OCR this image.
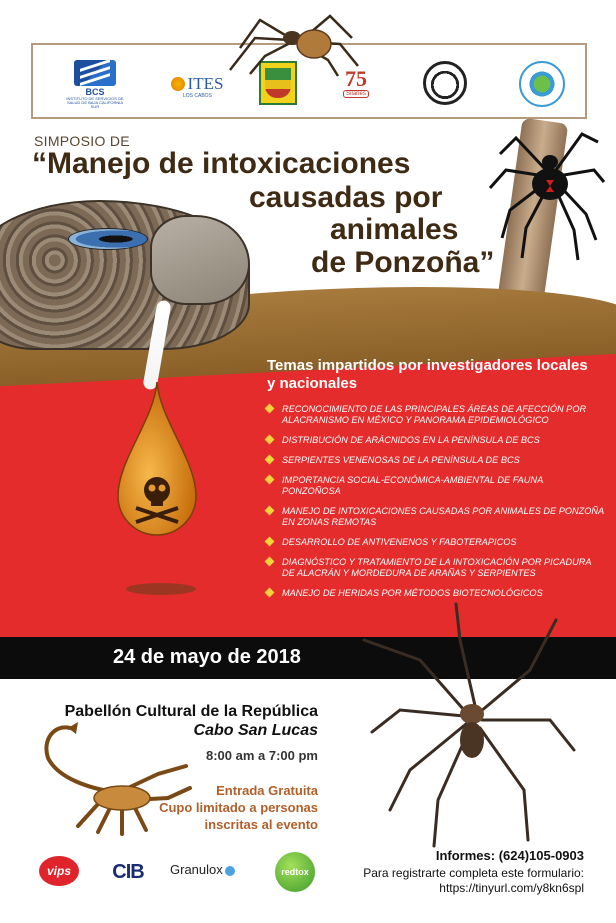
BCS
INSTITUTO DE SERVICIOS DE SALUD DE BAJA CALIFORNIA SUR
ITES
LOS CABOS
75
Silanes
SIMPOSIO DE
“Manejo de intoxicaciones
causadas por
animales
de Ponzoña”
Temas impartidos por investigadores locales y nacionales
RECONOCIMIENTO DE LAS PRINCIPALES ÁREAS DE AFECCIÓN POR ALACRANISMO EN MÉXICO Y PANORAMA EPIDEMIOLÓGICO
DISTRIBUCIÓN DE ARÁCNIDOS EN LA PENÍNSULA DE BCS
SERPIENTES VENENOSAS DE LA PENÍNSULA DE BCS
IMPORTANCIA SOCIAL-ECONÓMICA-AMBIENTAL DE FAUNA PONZOÑOSA
MANEJO DE INTOXICACIONES CAUSADAS POR ANIMALES DE PONZOÑA EN ZONAS REMOTAS
DESARROLLO DE ANTIVENENOS Y FABOTERAPICOS
DIAGNÓSTICO Y TRATAMIENTO DE LA INTOXICACIÓN POR PICADURA DE ALACRÁN Y MORDEDURA DE ARAÑAS Y SERPIENTES
MANEJO DE HERIDAS POR MÉTODOS BIOTECNOLÓGICOS
24 de mayo de 2018
Pabellón Cultural de la República
Cabo San Lucas
8:00 am a 7:00 pm
Entrada Gratuita
Cupo limitado a personas
inscritas al evento
vips	CIB	Granulox	redtox
Informes: (624)105-0903
Para registrarte completa este formulario:
https://tinyurl.com/y8kn6spl
